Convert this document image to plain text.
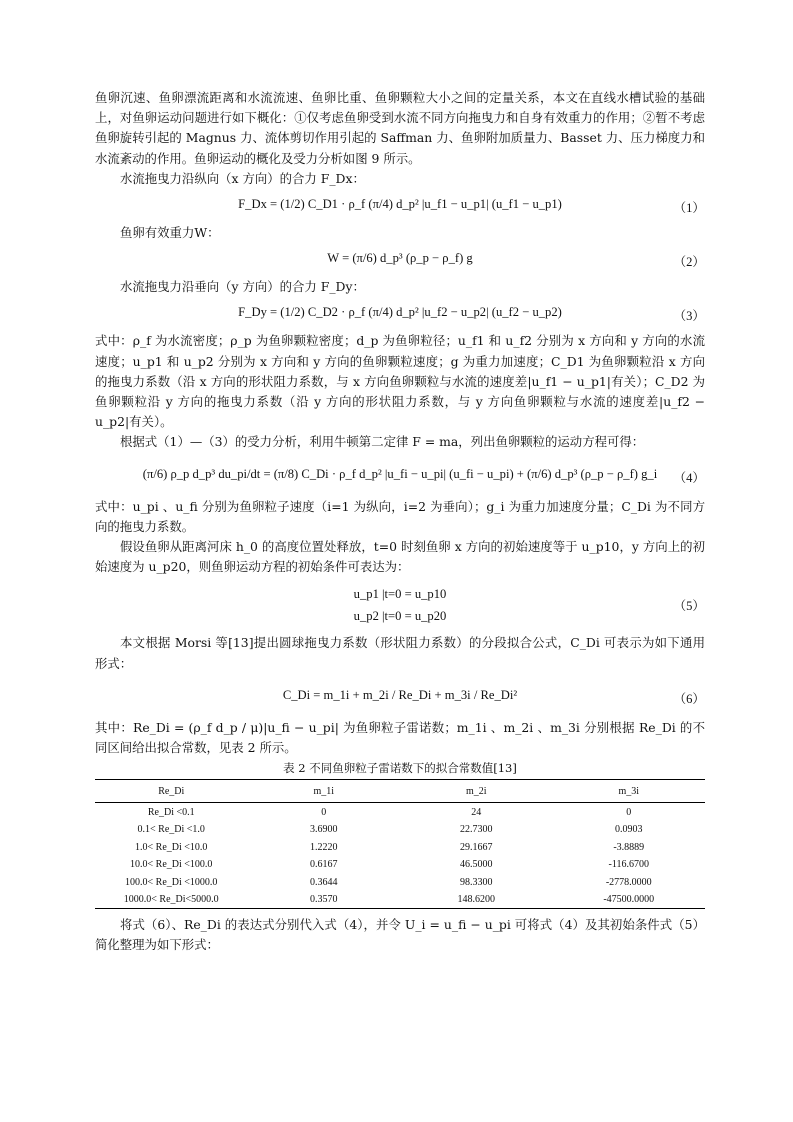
鱼卵沉速、鱼卵漂流距离和水流流速、鱼卵比重、鱼卵颗粒大小之间的定量关系，本文在直线水槽试验的基础上，对鱼卵运动问题进行如下概化：①仅考虑鱼卵受到水流不同方向拖曳力和自身有效重力的作用；②暂不考虑鱼卵旋转引起的 Magnus 力、流体剪切作用引起的 Saffman 力、鱼卵附加质量力、Basset 力、压力梯度力和水流紊动的作用。鱼卵运动的概化及受力分析如图 9 所示。

水流拖曳力沿纵向（x 方向）的合力 F_Dx：

F_Dx = (1/2) C_D1 · ρ_f (π/4) d_p² |u_f1 − u_p1| (u_f1 − u_p1)	（1）

鱼卵有效重力W：

W = (π/6) d_p³ (ρ_p − ρ_f) g	（2）

水流拖曳力沿垂向（y 方向）的合力 F_Dy：

F_Dy = (1/2) C_D2 · ρ_f (π/4) d_p² |u_f2 − u_p2| (u_f2 − u_p2)	（3）

式中：ρ_f 为水流密度；ρ_p 为鱼卵颗粒密度；d_p 为鱼卵粒径；u_f1 和 u_f2 分别为 x 方向和 y 方向的水流速度；u_p1 和 u_p2 分别为 x 方向和 y 方向的鱼卵颗粒速度；g 为重力加速度；C_D1 为鱼卵颗粒沿 x 方向的拖曳力系数（沿 x 方向的形状阻力系数，与 x 方向鱼卵颗粒与水流的速度差|u_f1 − u_p1|有关）；C_D2 为鱼卵颗粒沿 y 方向的拖曳力系数（沿 y 方向的形状阻力系数，与 y 方向鱼卵颗粒与水流的速度差|u_f2 − u_p2|有关）。

根据式（1）—（3）的受力分析，利用牛顿第二定律 F = ma，列出鱼卵颗粒的运动方程可得：

(π/6) ρ_p d_p³ du_pi/dt = (π/8) C_Di · ρ_f d_p² |u_fi − u_pi| (u_fi − u_pi) + (π/6) d_p³ (ρ_p − ρ_f) g_i	（4）

式中：u_pi 、u_fi 分别为鱼卵粒子速度（i=1 为纵向，i=2 为垂向）；g_i 为重力加速度分量；C_Di 为不同方向的拖曳力系数。

假设鱼卵从距离河床 h_0 的高度位置处释放，t=0 时刻鱼卵 x 方向的初始速度等于 u_p10，y 方向上的初始速度为 u_p20，则鱼卵运动方程的初始条件可表达为：

u_p1 |t=0 = u_p10
u_p2 |t=0 = u_p20
（5）

本文根据 Morsi 等[13]提出圆球拖曳力系数（形状阻力系数）的分段拟合公式，C_Di 可表示为如下通用形式：

C_Di = m_1i + m_2i / Re_Di + m_3i / Re_Di²	（6）

其中：Re_Di = (ρ_f d_p / μ)|u_fi − u_pi| 为鱼卵粒子雷诺数；m_1i 、m_2i 、m_3i 分别根据 Re_Di 的不同区间给出拟合常数，见表 2 所示。

表 2 不同鱼卵粒子雷诺数下的拟合常数值[13]
Re_Di	m_1i	m_2i	m_3i
Re_Di <0.1	0	24	0
0.1< Re_Di <1.0	3.6900	22.7300	0.0903
1.0< Re_Di <10.0	1.2220	29.1667	-3.8889
10.0< Re_Di <100.0	0.6167	46.5000	-116.6700
100.0< Re_Di <1000.0	0.3644	98.3300	-2778.0000
1000.0< Re_Di<5000.0	0.3570	148.6200	-47500.0000

将式（6）、Re_Di 的表达式分别代入式（4），并令 U_i = u_fi − u_pi 可将式（4）及其初始条件式（5）简化整理为如下形式：
